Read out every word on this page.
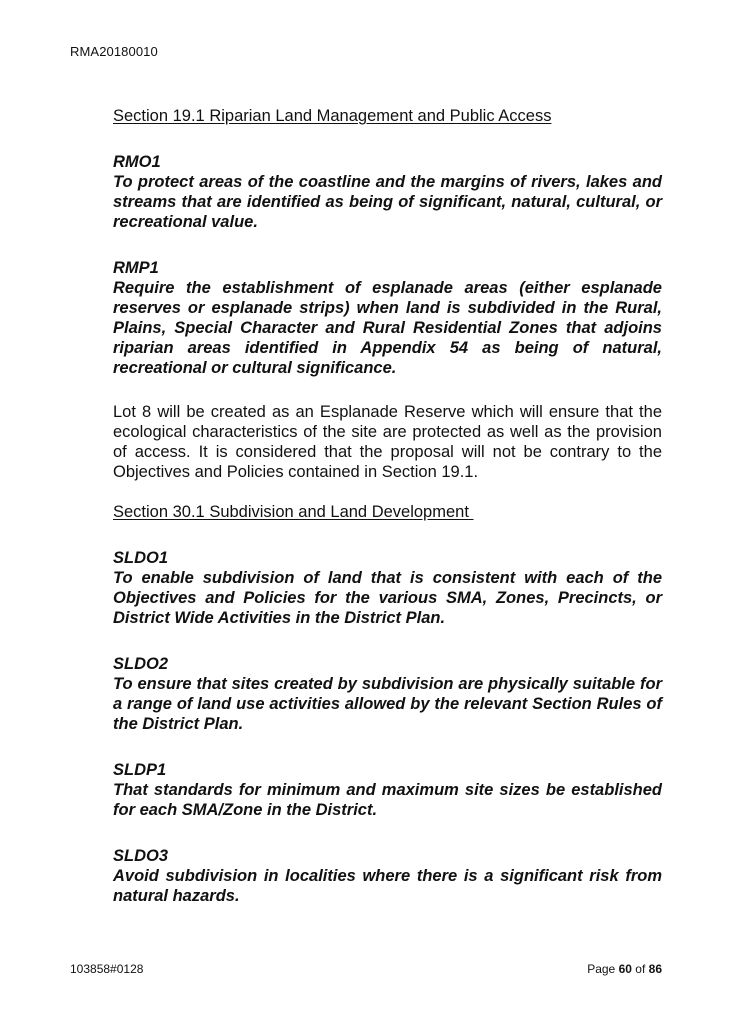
RMA20180010

Section 19.1 Riparian Land Management and Public Access

RMO1

To protect areas of the coastline and the margins of rivers, lakes and streams that are identified as being of significant, natural, cultural, or recreational value.

RMP1

Require the establishment of esplanade areas (either esplanade reserves or esplanade strips) when land is subdivided in the Rural, Plains, Special Character and Rural Residential Zones that adjoins riparian areas identified in Appendix 54 as being of natural, recreational or cultural significance.

Lot 8 will be created as an Esplanade Reserve which will ensure that the ecological characteristics of the site are protected as well as the provision of access. It is considered that the proposal will not be contrary to the Objectives and Policies contained in Section 19.1.

Section 30.1 Subdivision and Land Development

SLDO1

To enable subdivision of land that is consistent with each of the Objectives and Policies for the various SMA, Zones, Precincts, or District Wide Activities in the District Plan.

SLDO2

To ensure that sites created by subdivision are physically suitable for a range of land use activities allowed by the relevant Section Rules of the District Plan.

SLDP1

That standards for minimum and maximum site sizes be established for each SMA/Zone in the District.

SLDO3

Avoid subdivision in localities where there is a significant risk from natural hazards.

103858#0128	Page 60 of 86
